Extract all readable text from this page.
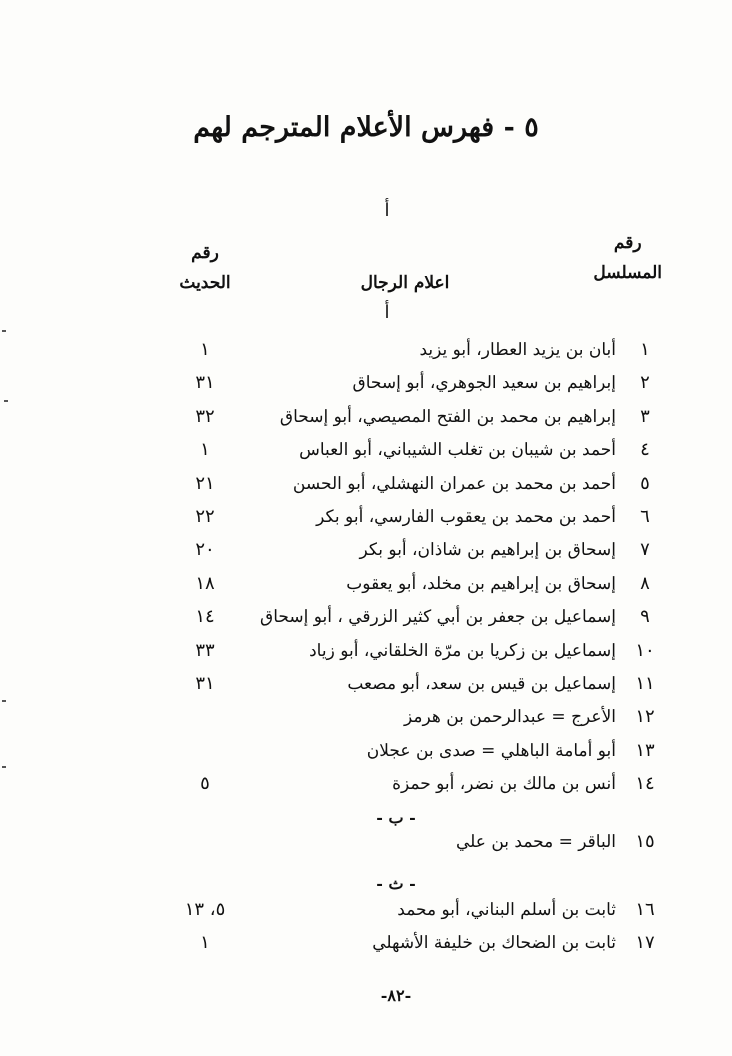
٥ - فهرس الأعلام المترجم لهم
أ
رقم
المسلسل
اعلام الرجال
رقم
الحديث
أ
١
أبان بن يزيد العطار، أبو يزيد
١
٢
إبراهيم بن سعيد الجوهري، أبو إسحاق
٣١
٣
إبراهيم بن محمد بن الفتح المصيصي، أبو إسحاق
٣٢
٤
أحمد بن شيبان بن تغلب الشيباني، أبو العباس
١
٥
أحمد بن محمد بن عمران النهشلي، أبو الحسن
٢١
٦
أحمد بن محمد بن يعقوب الفارسي، أبو بكر
٢٢
٧
إسحاق بن إبراهيم بن شاذان، أبو بكر
٢٠
٨
إسحاق بن إبراهيم بن مخلد، أبو يعقوب
١٨
٩
إسماعيل بن جعفر بن أبي كثير الزرقي ، أبو إسحاق
١٤
١٠
إسماعيل بن زكريا بن مرّة الخلقاني، أبو زياد
٣٣
١١
إسماعيل بن قيس بن سعد، أبو مصعب
٣١
١٢
الأعرج = عبدالرحمن بن هرمز
١٣
أبو أمامة الباهلي = صدى بن عجلان
١٤
أنس بن مالك بن نضر، أبو حمزة
٥
- ب -
١٥
الباقر = محمد بن علي
- ث -
١٦
ثابت بن أسلم البناني، أبو محمد
٥، ١٣
١٧
ثابت بن الضحاك بن خليفة الأشهلي
١
-٨٢-
